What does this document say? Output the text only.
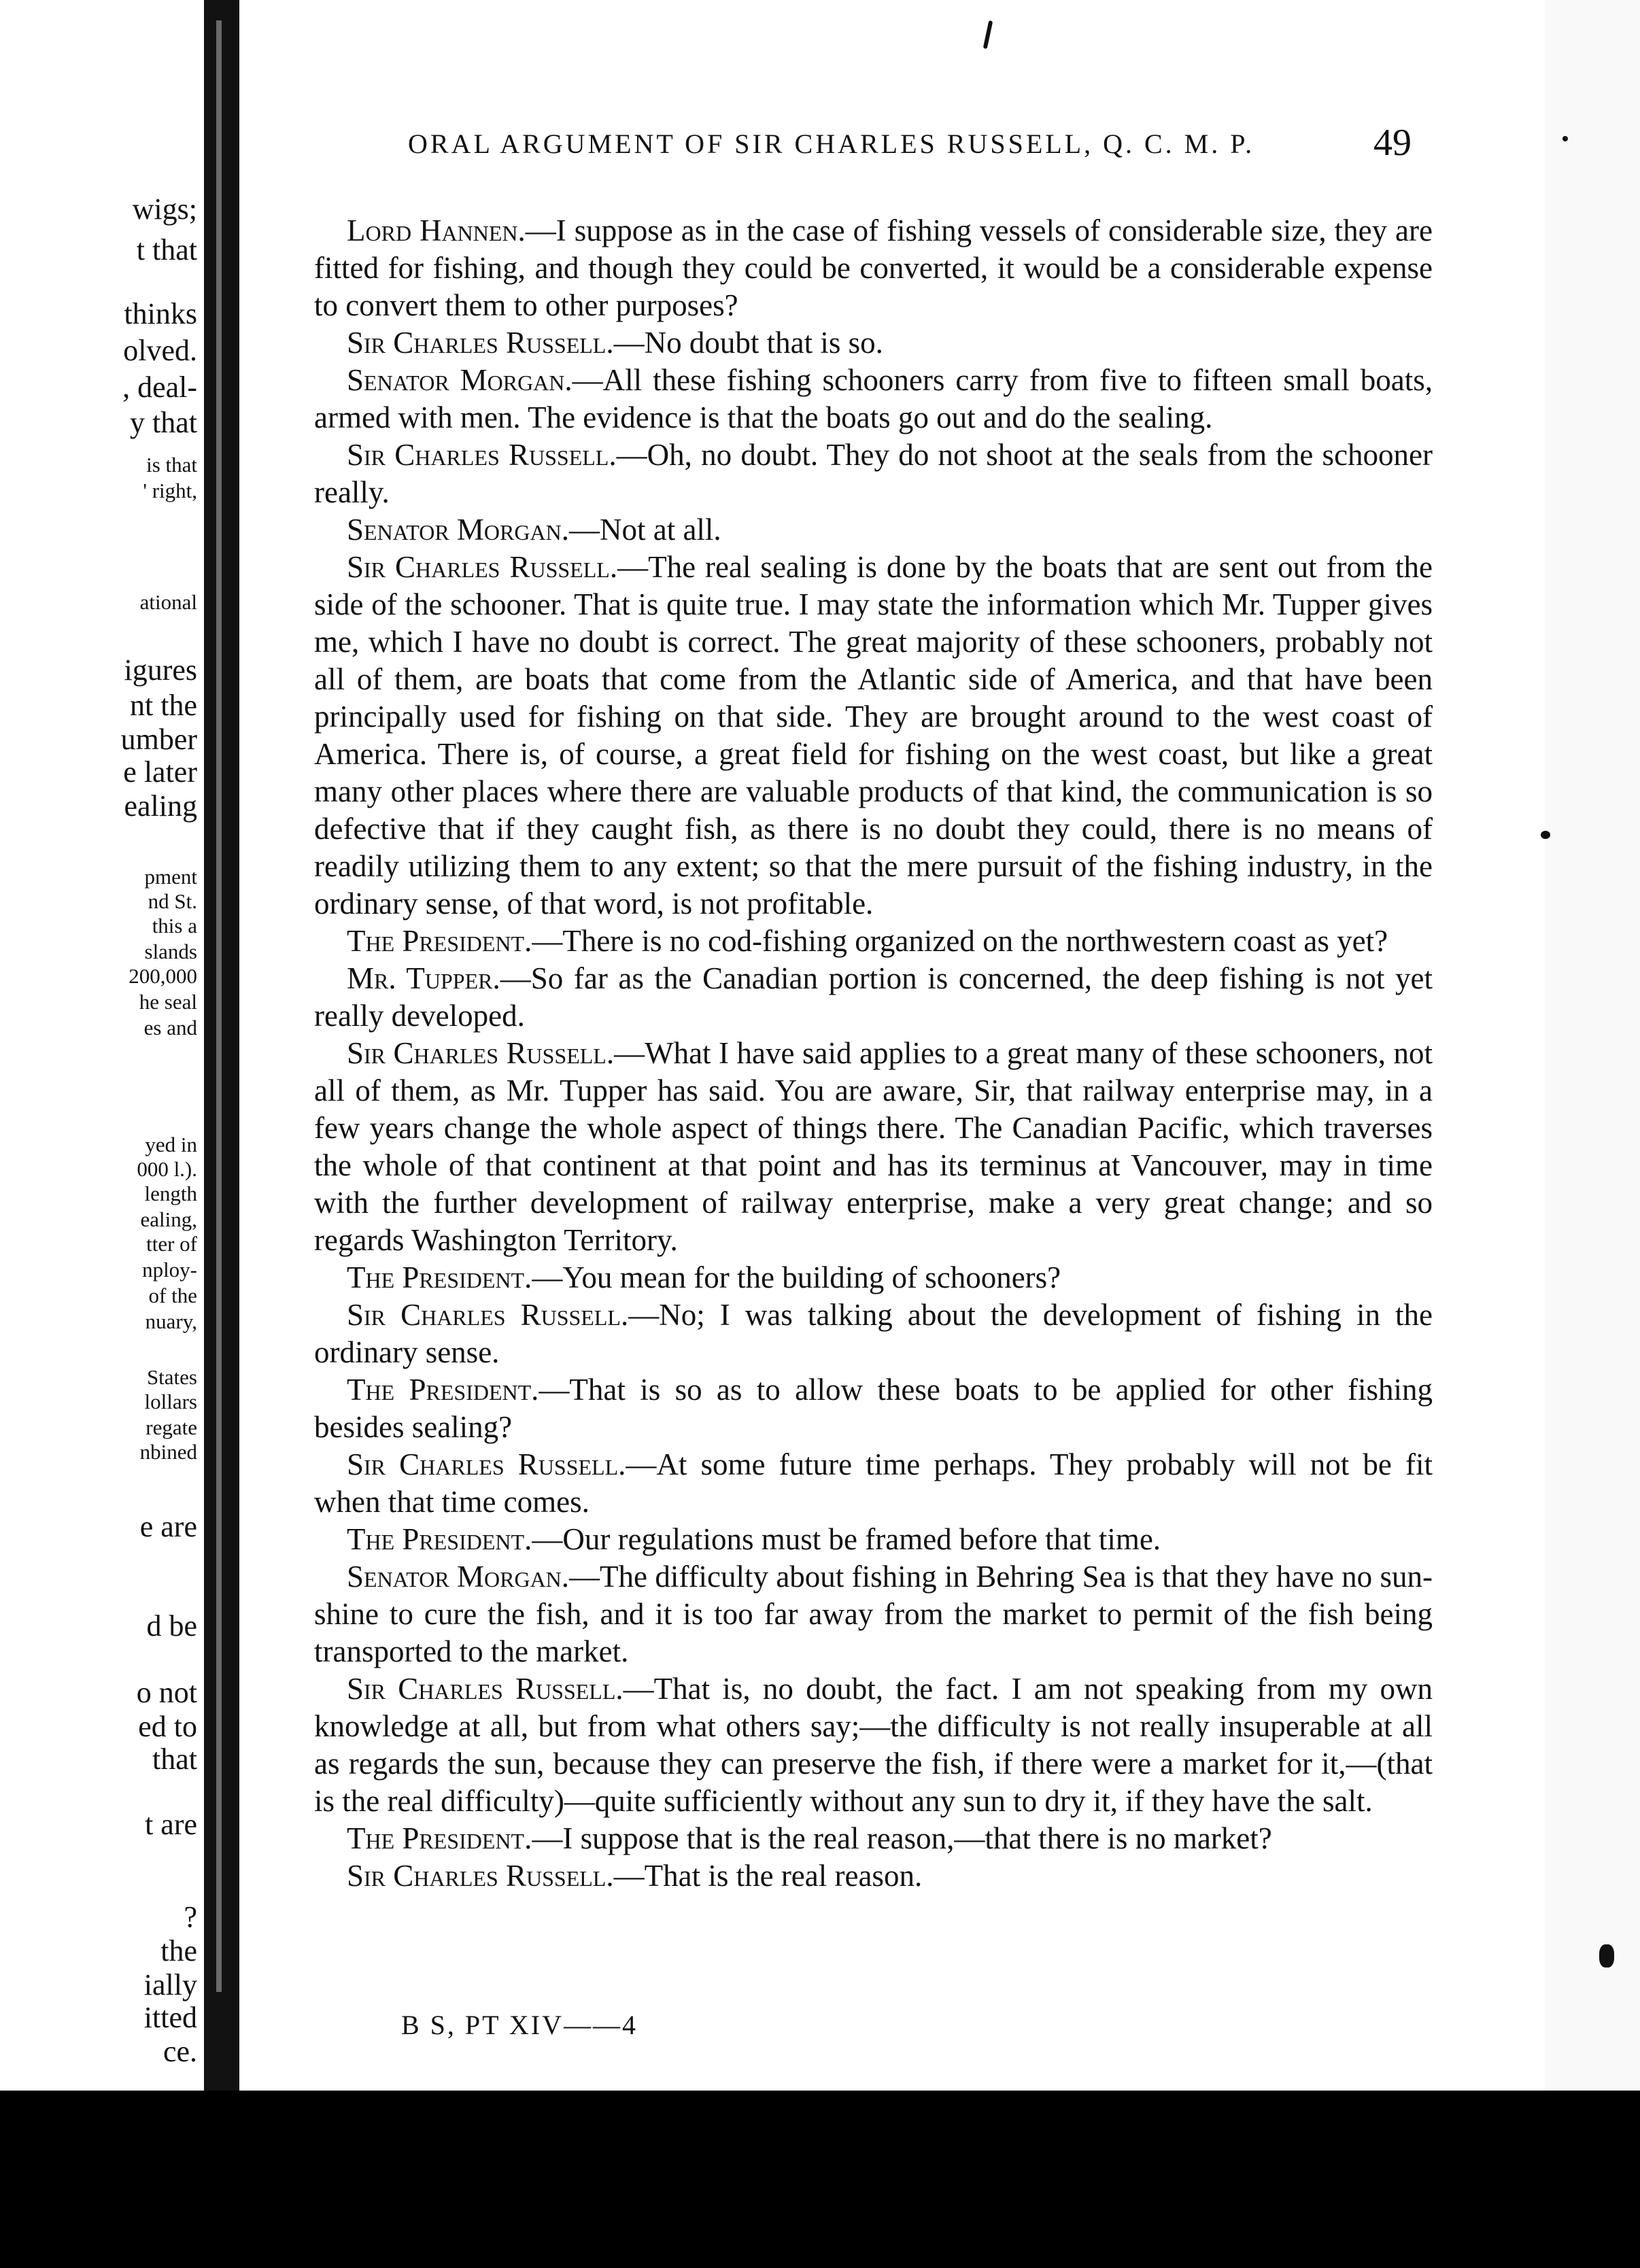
wigs;
t that
thinks
olved.
, deal-
y that
is that
' right,
ational
igures
nt the
umber
e later
ealing
pment
nd St.
this a
slands
200,000
he seal
es and
yed in
000 l.).
length
ealing,
tter of
nploy-
of the
nuary,
States
lollars
regate
nbined
e are
d be
o not
ed to
that
t are
?
the
ially
itted
ce.
ORAL ARGUMENT OF SIR CHARLES RUSSELL, Q. C. M. P.	49

Lord Hannen.—I suppose as in the case of fishing vessels of considerable size, they are fitted for fishing, and though they could be converted, it would be a considerable expense to convert them to other purposes?

Sir Charles Russell.—No doubt that is so.

Senator Morgan.—All these fishing schooners carry from five to fifteen small boats, armed with men. The evidence is that the boats go out and do the sealing.

Sir Charles Russell.—Oh, no doubt. They do not shoot at the seals from the schooner really.

Senator Morgan.—Not at all.

Sir Charles Russell.—The real sealing is done by the boats that are sent out from the side of the schooner. That is quite true. I may state the information which Mr. Tupper gives me, which I have no doubt is correct. The great majority of these schooners, probably not all of them, are boats that come from the Atlantic side of America, and that have been principally used for fishing on that side. They are brought around to the west coast of America. There is, of course, a great field for fishing on the west coast, but like a great many other places where there are valuable products of that kind, the communication is so defective that if they caught fish, as there is no doubt they could, there is no means of readily utilizing them to any extent; so that the mere pursuit of the fishing industry, in the ordinary sense, of that word, is not profitable.

The President.—There is no cod-fishing organized on the northwestern coast as yet?

Mr. Tupper.—So far as the Canadian portion is concerned, the deep fishing is not yet really developed.

Sir Charles Russell.—What I have said applies to a great many of these schooners, not all of them, as Mr. Tupper has said. You are aware, Sir, that railway enterprise may, in a few years change the whole aspect of things there. The Canadian Pacific, which traverses the whole of that continent at that point and has its terminus at Vancouver, may in time with the further development of railway enterprise, make a very great change; and so regards Washington Territory.

The President.—You mean for the building of schooners?

Sir Charles Russell.—No; I was talking about the development of fishing in the ordinary sense.

The President.—That is so as to allow these boats to be applied for other fishing besides sealing?

Sir Charles Russell.—At some future time perhaps. They probably will not be fit when that time comes.

The President.—Our regulations must be framed before that time.

Senator Morgan.—The difficulty about fishing in Behring Sea is that they have no sun-shine to cure the fish, and it is too far away from the market to permit of the fish being transported to the market.

Sir Charles Russell.—That is, no doubt, the fact. I am not speaking from my own knowledge at all, but from what others say;—the difficulty is not really insuperable at all as regards the sun, because they can preserve the fish, if there were a market for it,—(that is the real difficulty)—quite sufficiently without any sun to dry it, if they have the salt.

The President.—I suppose that is the real reason,—that there is no market?

Sir Charles Russell.—That is the real reason.

B S, PT XIV——4
